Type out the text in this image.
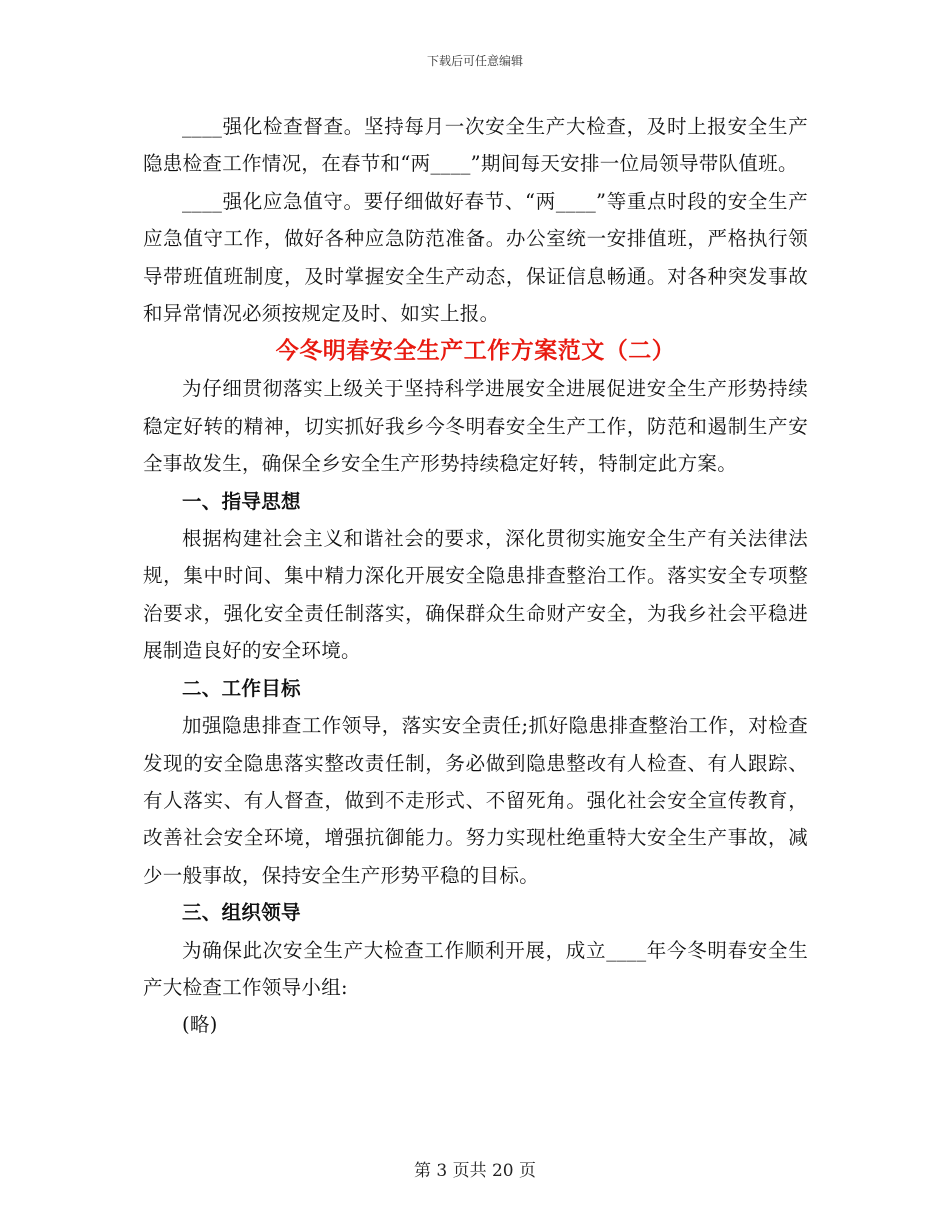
下载后可任意编辑

____强化检查督查。坚持每月一次安全生产大检查，及时上报安全生产隐患检查工作情况，在春节和“两____”期间每天安排一位局领导带队值班。

____强化应急值守。要仔细做好春节、“两____”等重点时段的安全生产应急值守工作，做好各种应急防范准备。办公室统一安排值班，严格执行领导带班值班制度，及时掌握安全生产动态，保证信息畅通。对各种突发事故和异常情况必须按规定及时、如实上报。

今冬明春安全生产工作方案范文（二）

为仔细贯彻落实上级关于坚持科学进展安全进展促进安全生产形势持续稳定好转的精神，切实抓好我乡今冬明春安全生产工作，防范和遏制生产安全事故发生，确保全乡安全生产形势持续稳定好转，特制定此方案。

一、指导思想

根据构建社会主义和谐社会的要求，深化贯彻实施安全生产有关法律法规，集中时间、集中精力深化开展安全隐患排查整治工作。落实安全专项整治要求，强化安全责任制落实，确保群众生命财产安全，为我乡社会平稳进展制造良好的安全环境。

二、工作目标

加强隐患排查工作领导，落实安全责任;抓好隐患排查整治工作，对检查发现的安全隐患落实整改责任制，务必做到隐患整改有人检查、有人跟踪、有人落实、有人督查，做到不走形式、不留死角。强化社会安全宣传教育，改善社会安全环境，增强抗御能力。努力实现杜绝重特大安全生产事故，减少一般事故，保持安全生产形势平稳的目标。

三、组织领导

为确保此次安全生产大检查工作顺利开展，成立____年今冬明春安全生产大检查工作领导小组:

(略)

第 3 页共 20 页
